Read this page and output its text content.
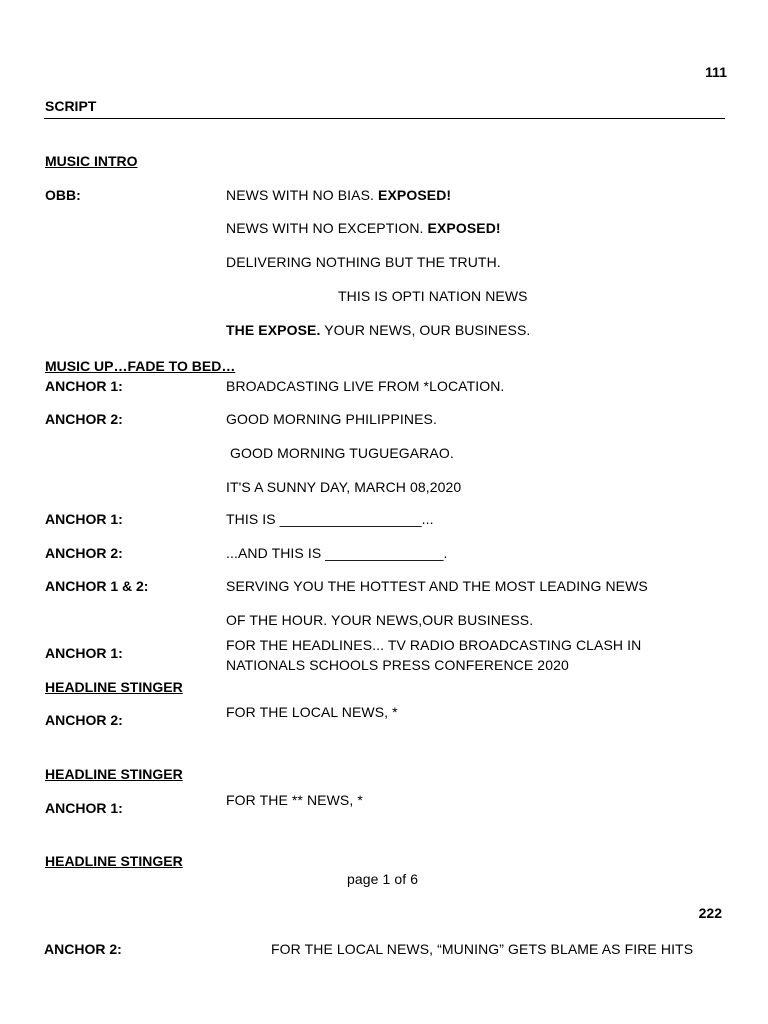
111
SCRIPT
MUSIC INTRO
OBB:	NEWS WITH NO BIAS. EXPOSED!
NEWS WITH NO EXCEPTION. EXPOSED!
DELIVERING NOTHING BUT THE TRUTH.
THIS IS OPTI NATION NEWS
THE EXPOSE. YOUR NEWS, OUR BUSINESS.
MUSIC UP…FADE TO BED…
ANCHOR 1:	BROADCASTING LIVE FROM *LOCATION.
ANCHOR 2:	GOOD MORNING PHILIPPINES.
GOOD MORNING TUGUEGARAO.
IT'S A SUNNY DAY, MARCH 08,2020
ANCHOR 1:	THIS IS __________________...
ANCHOR 2:	...AND THIS IS _______________.
ANCHOR 1 & 2:	SERVING YOU THE HOTTEST AND THE MOST LEADING NEWS
OF THE HOUR. YOUR NEWS,OUR BUSINESS.
ANCHOR 1:	FOR THE HEADLINES... TV RADIO BROADCASTING CLASH IN
NATIONALS SCHOOLS PRESS CONFERENCE 2020
HEADLINE STINGER
ANCHOR 2:	FOR THE LOCAL NEWS, *
HEADLINE STINGER
ANCHOR 1:	FOR THE ** NEWS, *
HEADLINE STINGER
page 1 of 6
222
ANCHOR 2:	FOR THE LOCAL NEWS, “MUNING” GETS BLAME AS FIRE HITS
